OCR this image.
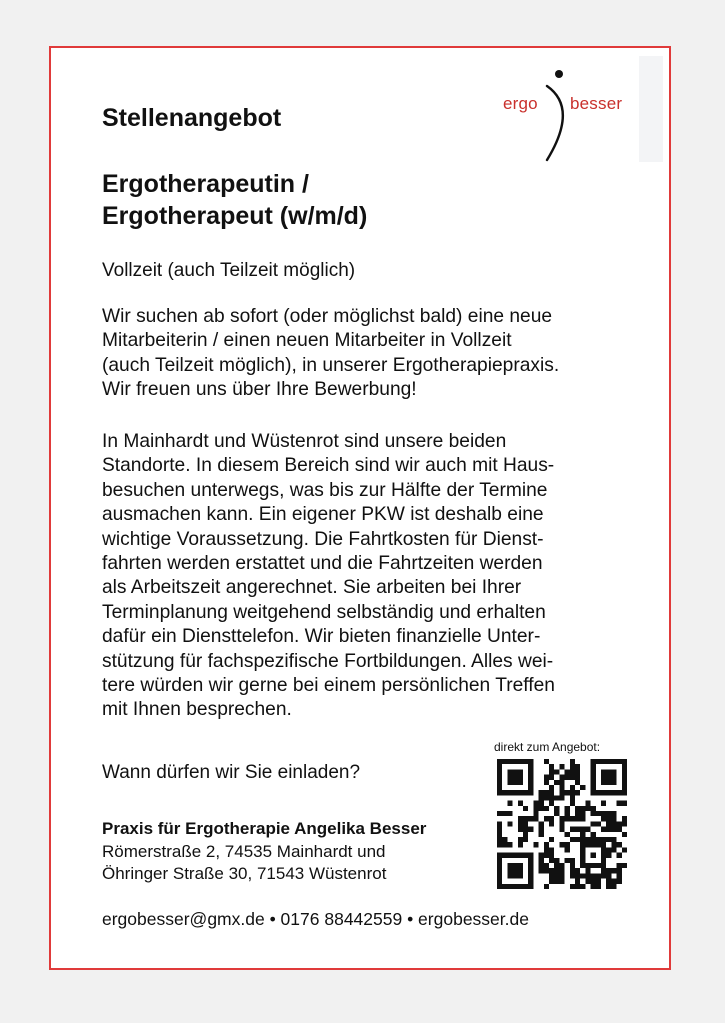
ergo besser
Stellenangebot
Ergotherapeutin /
Ergotherapeut (w/m/d)

Vollzeit (auch Teilzeit möglich)

Wir suchen ab sofort (oder möglichst bald) eine neue
Mitarbeiterin / einen neuen Mitarbeiter in Vollzeit
(auch Teilzeit möglich), in unserer Ergotherapiepraxis.
Wir freuen uns über Ihre Bewerbung!

In Mainhardt und Wüstenrot sind unsere beiden
Standorte. In diesem Bereich sind wir auch mit Haus-
besuchen unterwegs, was bis zur Hälfte der Termine
ausmachen kann. Ein eigener PKW ist deshalb eine
wichtige Voraussetzung. Die Fahrtkosten für Dienst-
fahrten werden erstattet und die Fahrtzeiten werden
als Arbeitszeit angerechnet. Sie arbeiten bei Ihrer
Terminplanung weitgehend selbständig und erhalten
dafür ein Diensttelefon. Wir bieten finanzielle Unter-
stützung für fachspezifische Fortbildungen. Alles wei-
tere würden wir gerne bei einem persönlichen Treffen
mit Ihnen besprechen.

Wann dürfen wir Sie einladen?

direkt zum Angebot:

Praxis für Ergotherapie Angelika Besser
Römerstraße 2, 74535 Mainhardt und
Öhringer Straße 30, 71543 Wüstenrot

ergobesser@gmx.de • 0176 88442559 • ergobesser.de
